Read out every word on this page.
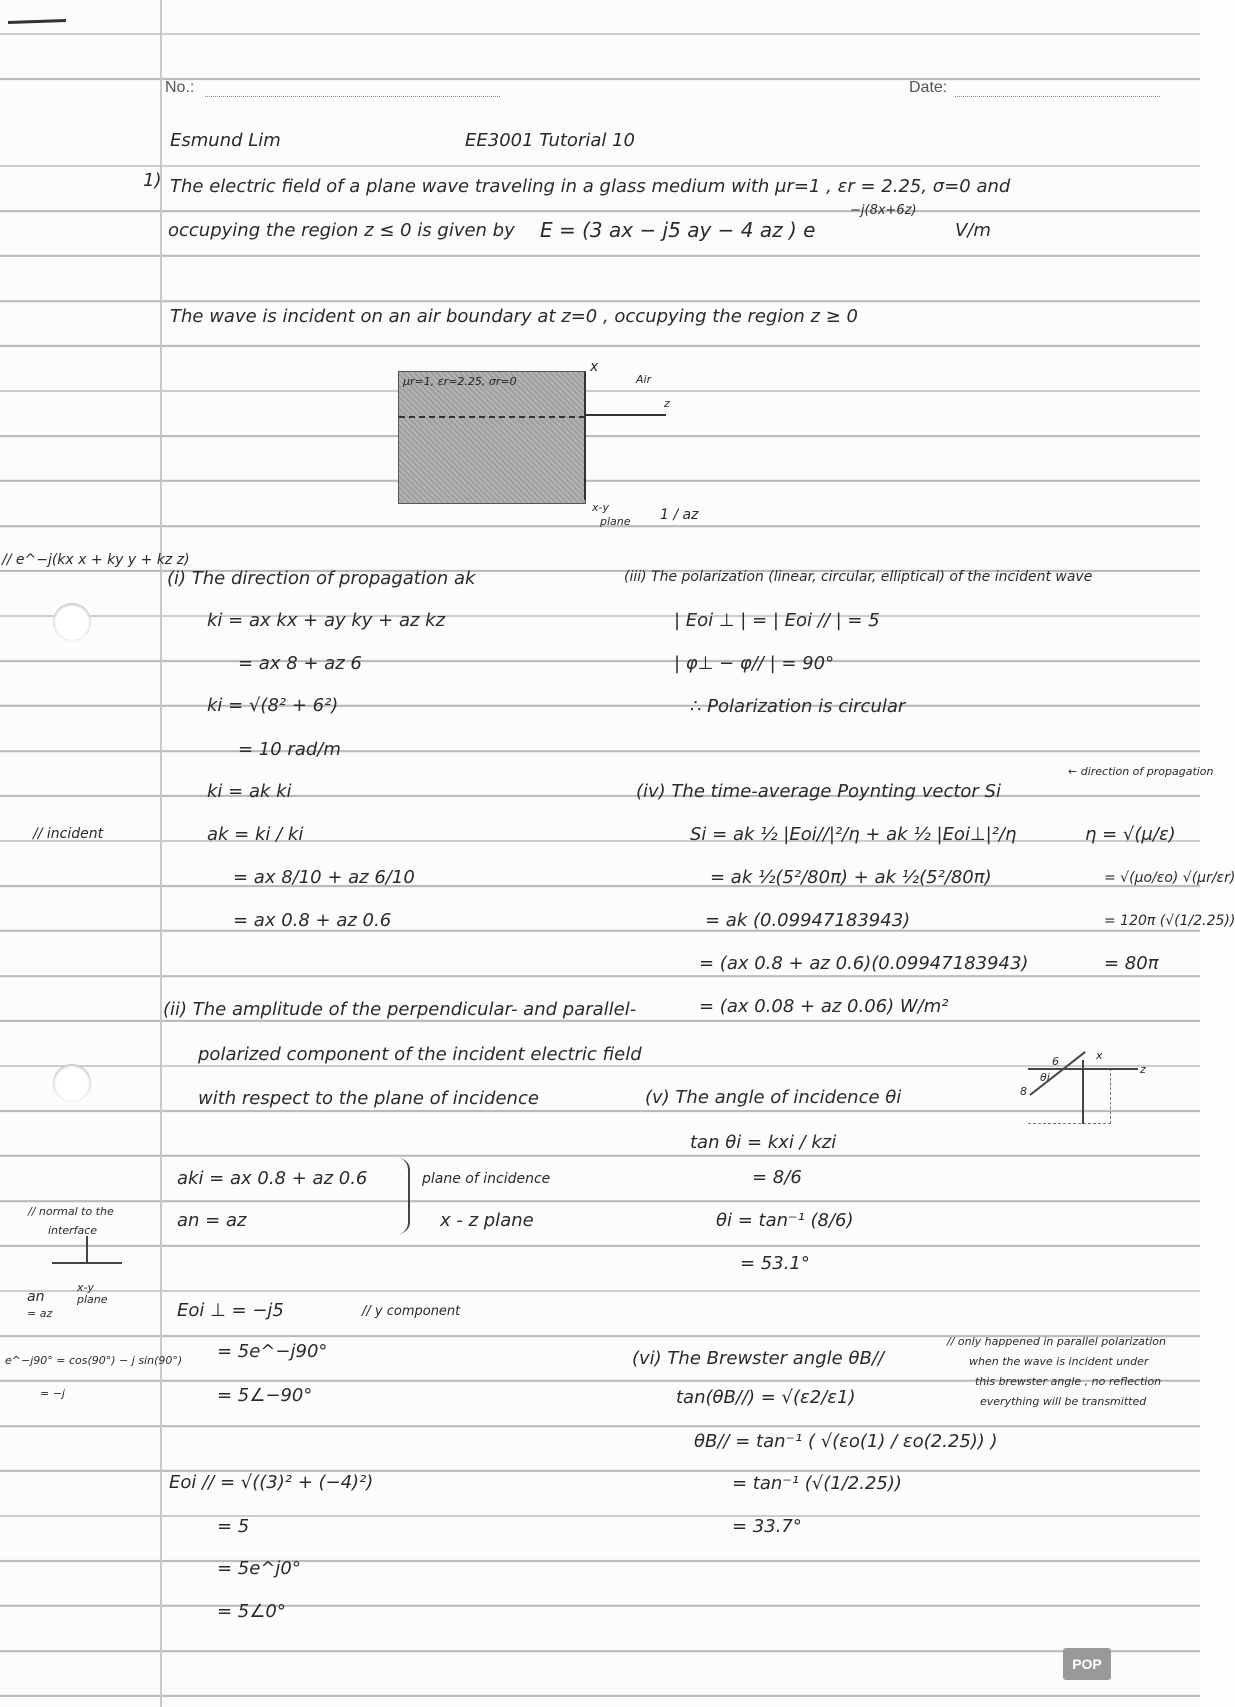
No.:	Date:
Esmund Lim	EE3001 Tutorial 10
1) The electric field of a plane wave traveling in a glass medium with μr=1 , εr = 2.25, σ=0 and
occupying the region z ≤ 0 is given by E = (3 ax − j5 ay − 4 az ) e
−j(8x+6z)
V/m
The wave is incident on an air boundary at z=0 , occupying the region z ≥ 0
μr=1, εr=2.25, σr=0
x
Air
z
x-y
plane 1 / az
// e^−j(kx x + ky y + kz z)
// incident
// normal to the
interface
an
= az
x-y
plane
e^−j90° = cos(90°) − j sin(90°)
= −j
(i) The direction of propagation ak
ki = ax kx + ay ky + az kz
= ax 8 + az 6
ki = √(8² + 6²)
= 10 rad/m
ki = ak ki
ak = ki / ki
= ax 8/10 + az 6/10
= ax 0.8 + az 0.6
(ii) The amplitude of the perpendicular- and parallel-
polarized component of the incident electric field
with respect to the plane of incidence
aki = ax 0.8 + az 0.6
an = az
plane of incidence
x - z plane
Eoi ⊥ = −j5	// y component
= 5e^−j90°
= 5∠−90°
Eoi // = √((3)² + (−4)²)
= 5
= 5e^j0°
= 5∠0°
(iii) The polarization (linear, circular, elliptical) of the incident wave
| Eoi ⊥ | = | Eoi // | = 5
| φ⊥ − φ// | = 90°
∴ Polarization is circular
(iv) The time-average Poynting vector Si
← direction of propagation
Si = ak ½ |Eoi//|²/η + ak ½ |Eoi⊥|²/η
= ak ½(5²/80π) + ak ½(5²/80π)
= ak (0.09947183943)
= (ax 0.8 + az 0.6)(0.09947183943)
= (ax 0.08 + az 0.06) W/m²
η = √(μ/ε)
= √(μo/εo) √(μr/εr)
= 120π (√(1/2.25))
= 80π
(v) The angle of incidence θi
tan θi = kxi / kzi
= 8/6
θi = tan⁻¹ (8/6)
= 53.1°
6
8
θi
x
z
(vi) The Brewster angle θB//
tan(θB//) = √(ε2/ε1)
θB// = tan⁻¹ ( √(εo(1) / εo(2.25)) )
= tan⁻¹ (√(1/2.25))
= 33.7°
// only happened in parallel polarization
when the wave is incident under
this brewster angle , no reflection
everything will be transmitted
POP
